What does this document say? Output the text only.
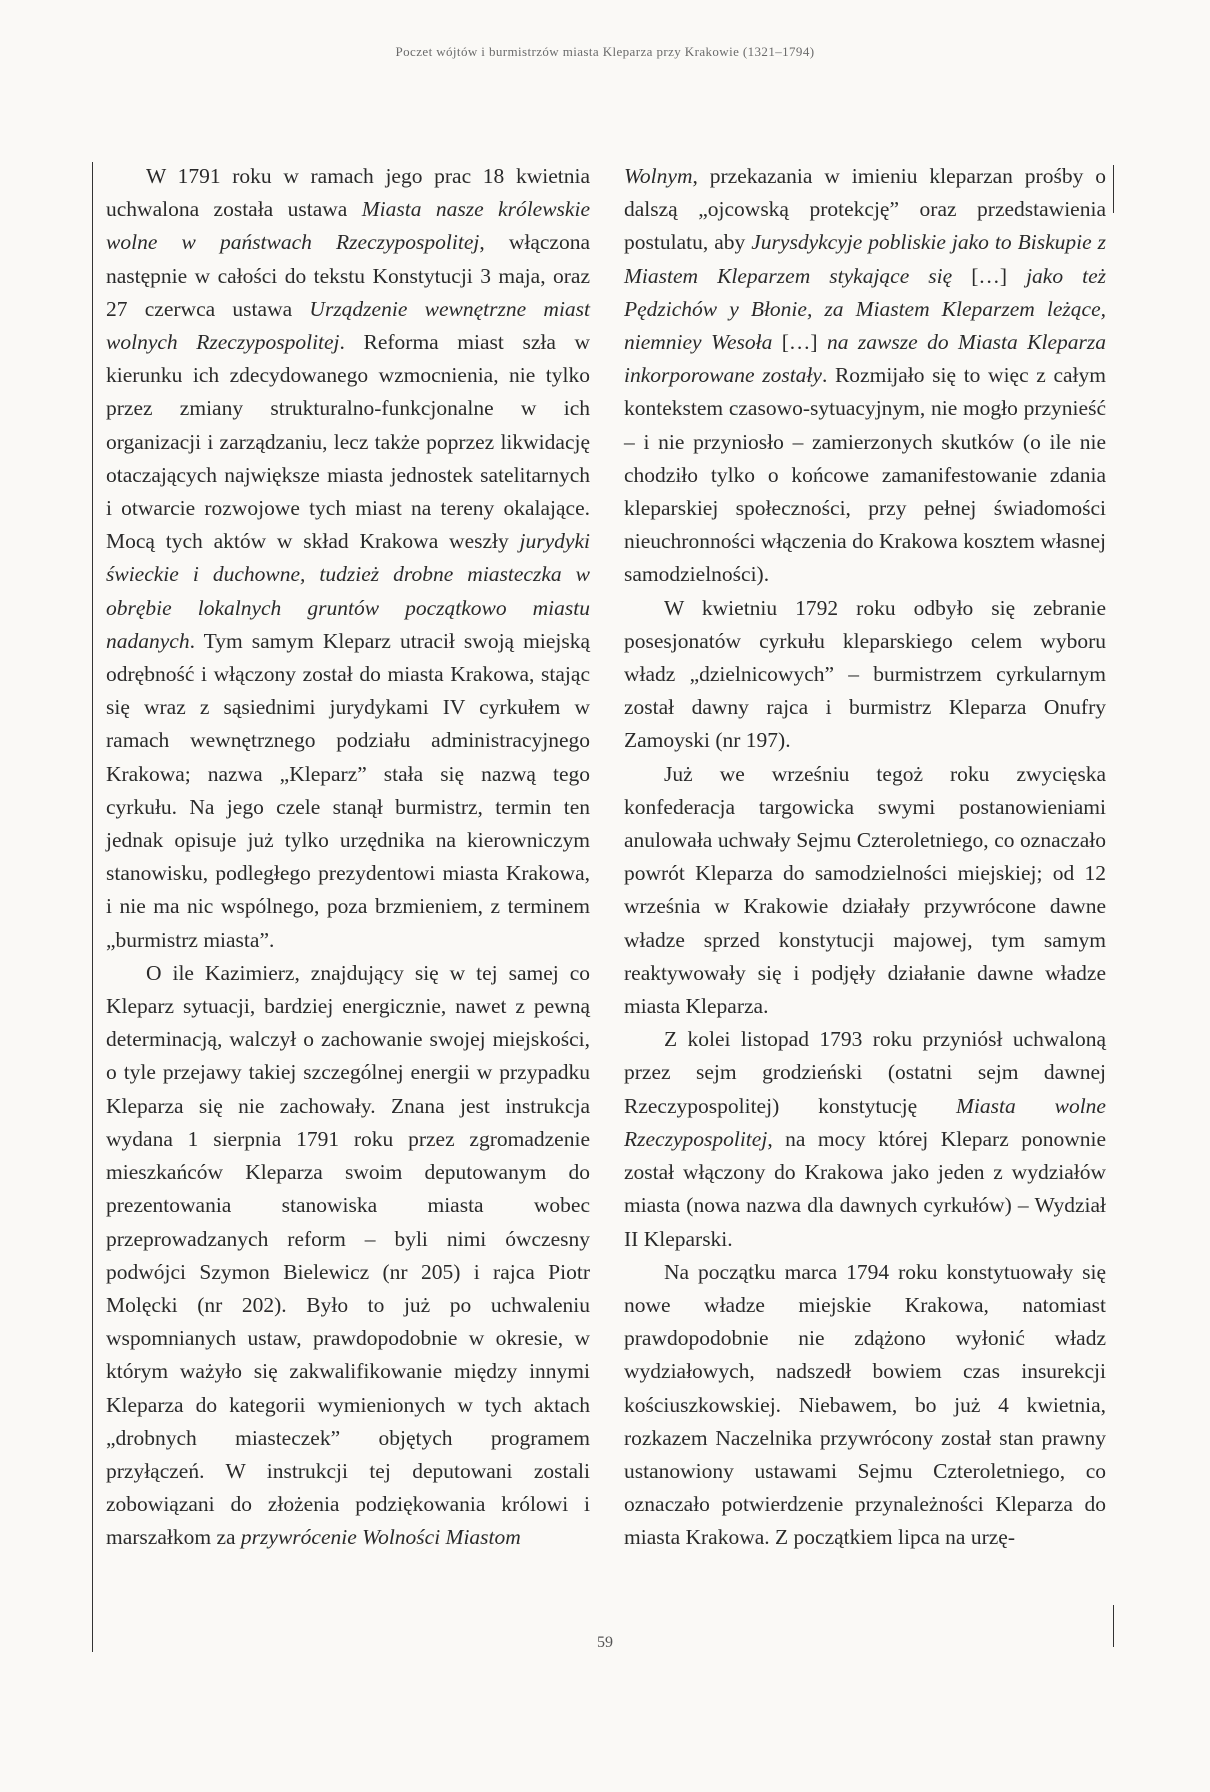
Poczet wójtów i burmistrzów miasta Kleparza przy Krakowie (1321–1794)

W 1791 roku w ramach jego prac 18 kwietnia uchwalona została ustawa Miasta nasze królewskie wolne w państwach Rzeczypospolitej, włączona następnie w całości do tekstu Konstytucji 3 maja, oraz 27 czerwca ustawa Urządzenie wewnętrzne miast wolnych Rzeczypospolitej. Reforma miast szła w kierunku ich zdecydowanego wzmocnienia, nie tylko przez zmiany strukturalno-funkcjonalne w ich organizacji i zarządzaniu, lecz także poprzez likwidację otaczających największe miasta jednostek satelitarnych i otwarcie rozwojowe tych miast na tereny okalające. Mocą tych aktów w skład Krakowa weszły jurydyki świeckie i duchowne, tudzież drobne miasteczka w obrębie lokalnych gruntów początkowo miastu nadanych. Tym samym Kleparz utracił swoją miejską odrębność i włączony został do miasta Krakowa, stając się wraz z sąsiednimi jurydykami IV cyrkułem w ramach wewnętrznego podziału administracyjnego Krakowa; nazwa „Kleparz” stała się nazwą tego cyrkułu. Na jego czele stanął burmistrz, termin ten jednak opisuje już tylko urzędnika na kierowniczym stanowisku, podległego prezydentowi miasta Krakowa, i nie ma nic wspólnego, poza brzmieniem, z terminem „burmistrz miasta”.

O ile Kazimierz, znajdujący się w tej samej co Kleparz sytuacji, bardziej energicznie, nawet z pewną determinacją, walczył o zachowanie swojej miejskości, o tyle przejawy takiej szczególnej energii w przypadku Kleparza się nie zachowały. Znana jest instrukcja wydana 1 sierpnia 1791 roku przez zgromadzenie mieszkańców Kleparza swoim deputowanym do prezentowania stanowiska miasta wobec przeprowadzanych reform – byli nimi ówczesny podwójci Szymon Bielewicz (nr 205) i rajca Piotr Molęcki (nr 202). Było to już po uchwaleniu wspomnianych ustaw, prawdopodobnie w okresie, w którym ważyło się zakwalifikowanie między innymi Kleparza do kategorii wymienionych w tych aktach „drobnych miasteczek” objętych programem przyłączeń. W instrukcji tej deputowani zostali zobowiązani do złożenia podziękowania królowi i marszałkom za przywrócenie Wolności Miastom

Wolnym, przekazania w imieniu kleparzan prośby o dalszą „ojcowską protekcję” oraz przedstawienia postulatu, aby Jurysdykcyje pobliskie jako to Biskupie z Miastem Kleparzem stykające się […] jako też Pędzichów y Błonie, za Miastem Kleparzem leżące, niemniey Wesoła […] na zawsze do Miasta Kleparza inkorporowane zostały. Rozmijało się to więc z całym kontekstem czasowo-sytuacyjnym, nie mogło przynieść – i nie przyniosło – zamierzonych skutków (o ile nie chodziło tylko o końcowe zamanifestowanie zdania kleparskiej społeczności, przy pełnej świadomości nieuchronności włączenia do Krakowa kosztem własnej samodzielności).

W kwietniu 1792 roku odbyło się zebranie posesjonatów cyrkułu kleparskiego celem wyboru władz „dzielnicowych” – burmistrzem cyrkularnym został dawny rajca i burmistrz Kleparza Onufry Zamoyski (nr 197).

Już we wrześniu tegoż roku zwycięska konfederacja targowicka swymi postanowieniami anulowała uchwały Sejmu Czteroletniego, co oznaczało powrót Kleparza do samodzielności miejskiej; od 12 września w Krakowie działały przywrócone dawne władze sprzed konstytucji majowej, tym samym reaktywowały się i podjęły działanie dawne władze miasta Kleparza.

Z kolei listopad 1793 roku przyniósł uchwaloną przez sejm grodzieński (ostatni sejm dawnej Rzeczypospolitej) konstytucję Miasta wolne Rzeczypospolitej, na mocy której Kleparz ponownie został włączony do Krakowa jako jeden z wydziałów miasta (nowa nazwa dla dawnych cyrkułów) – Wydział II Kleparski.

Na początku marca 1794 roku konstytuowały się nowe władze miejskie Krakowa, natomiast prawdopodobnie nie zdążono wyłonić władz wydziałowych, nadszedł bowiem czas insurekcji kościuszkowskiej. Niebawem, bo już 4 kwietnia, rozkazem Naczelnika przywrócony został stan prawny ustanowiony ustawami Sejmu Czteroletniego, co oznaczało potwierdzenie przynależności Kleparza do miasta Krakowa. Z początkiem lipca na urzę-

59
